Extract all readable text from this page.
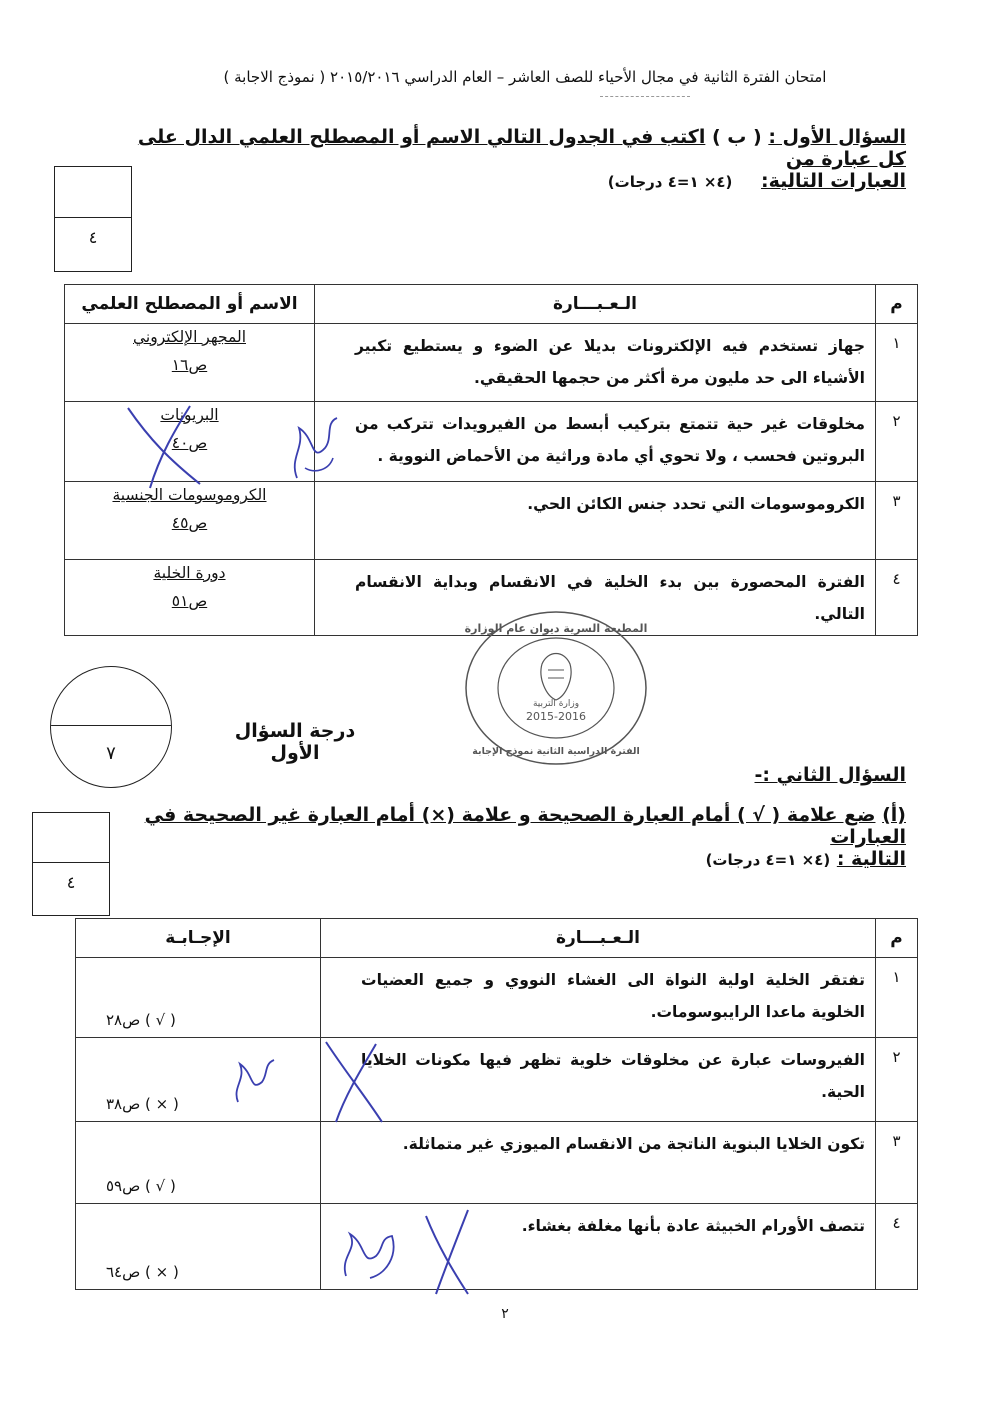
امتحان الفترة الثانية في مجال الأحياء للصف العاشر – العام الدراسي ٢٠١٥/٢٠١٦ ( نموذج الاجابة )
السؤال الأول : ( ب ) اكتب في الجدول التالي الاسم أو المصطلح العلمي الدال على كل عبارة من
العبارات التالية: (٤× ١=٤ درجات)
٤
م	الـعـبـــارة	الاسم أو المصطلح العلمي
١	جهاز تستخدم فيه الإلكترونات بديلا عن الضوء و يستطيع تكبير الأشياء الى حد مليون مرة أكثر من حجمها الحقيقي.	المجهر الإلكتروني
ص١٦

٢	مخلوقات غير حية تتمتع بتركيب أبسط من الفيرويدات تتركب من البروتين فحسب ، ولا تحوي أي مادة وراثية من الأحماض النووية .	البريونات
ص٤٠

٣	الكروموسومات التي تحدد جنس الكائن الحي.	الكروموسومات الجنسية
ص٤٥

٤	الفترة المحصورة بين بدء الخلية في الانقسام وبداية الانقسام التالي.	دورة الخلية
ص٥١
2015-2016
المطبعة السرية ديوان عام الوزارة
وزارة التربية
الفترة الدراسية الثانية نموذج الإجابة
٧
درجة السؤال الأول
السؤال الثاني :-
(أ) ضع علامة ( √ ) أمام العبارة الصحيحة و علامة (×) أمام العبارة غير الصحيحة في العبارات
التالية : (٤× ١=٤ درجات)
٤
م	الـعـبـــارة	الإجـابـة
١	تفتقر الخلية اولية النواة الى الغشاء النووي و جميع العضيات الخلوية ماعدا الرايبوسومات.	( √ ) ص٢٨
٢	الفيروسات عبارة عن مخلوقات خلوية تظهر فيها مكونات الخلايا الحية.	( × ) ص٣٨
٣	تكون الخلايا البنوية الناتجة من الانقسام الميوزي غير متماثلة.	( √ ) ص٥٩
٤	تتصف الأورام الخبيثة عادة بأنها مغلفة بغشاء.	( × ) ص٦٤
٢
